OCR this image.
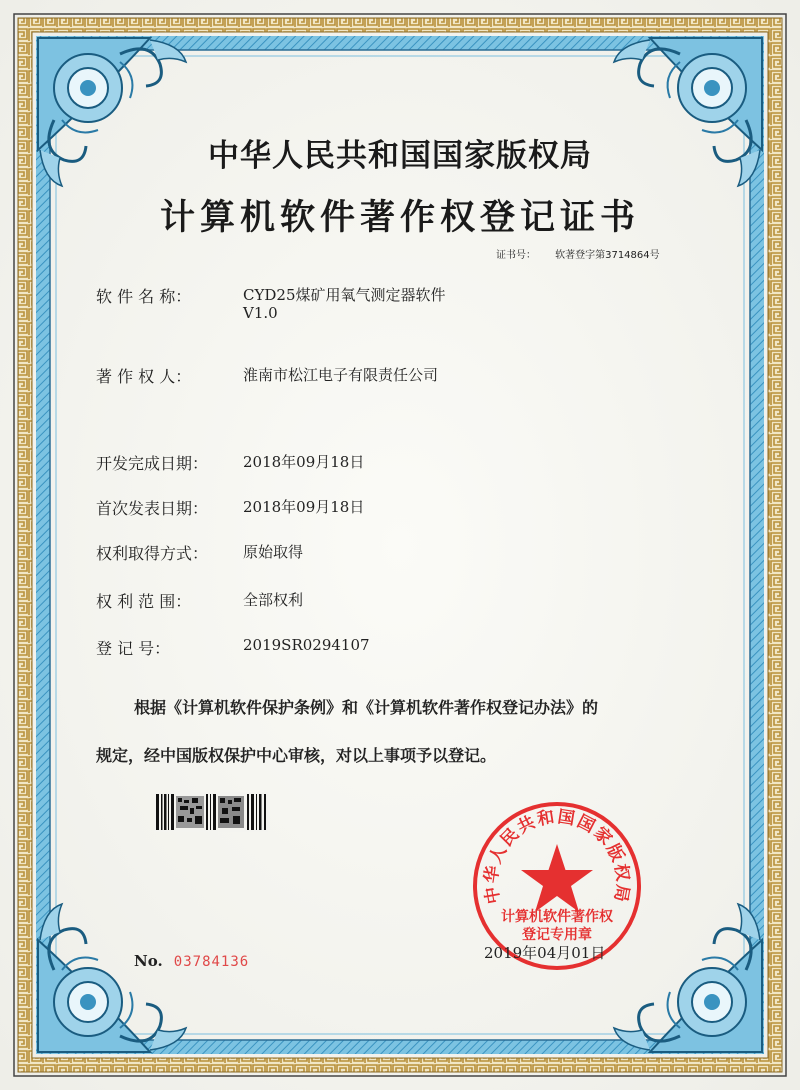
中华人民共和国国家版权局
计算机软件著作权登记证书
证书号： 软著登字第3714864号
软 件 名 称：	CYD25煤矿用氧气测定器软件
V1.0
著 作 权 人：	淮南市松江电子有限责任公司
开发完成日期： 2018年09月18日
首次发表日期： 2018年09月18日
权利取得方式： 原始取得
权 利 范 围：	全部权利
登 记 号：	2019SR0294107
根据《计算机软件保护条例》和《计算机软件著作权登记办法》的
规定，经中国版权保护中心审核，对以上事项予以登记。
中华人民共和国国家版权局
计算机软件著作权
登记专用章
No. 03784136	2019年04月01日
